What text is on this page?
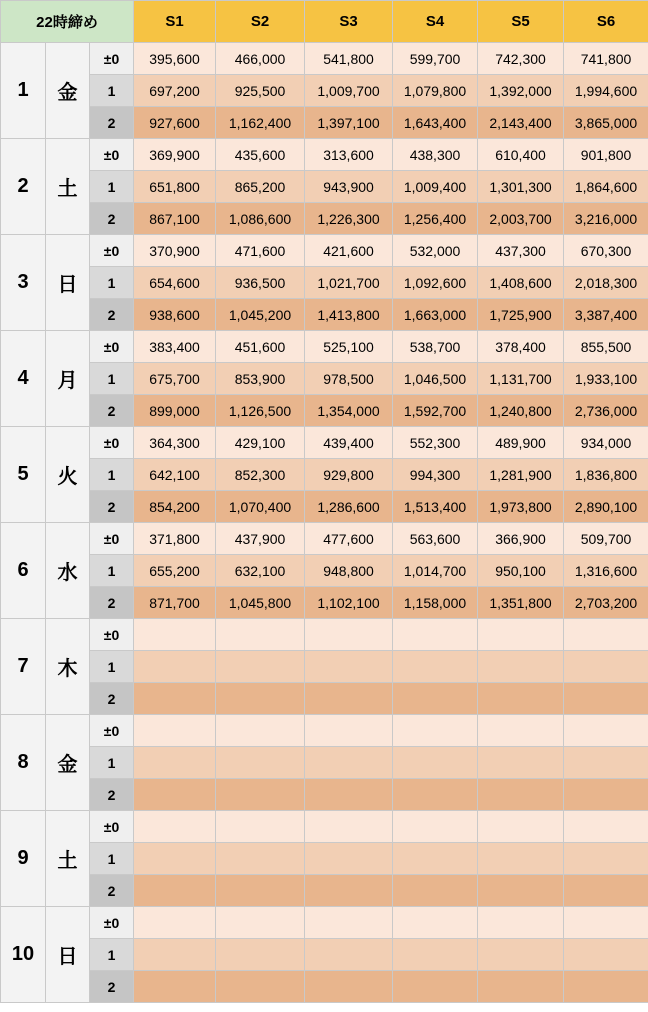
22時締め			S1	S2	S3	S4	S5	S6
1	金	±0	395,600	466,000	541,800	599,700	742,300	741,800
		1	697,200	925,500	1,009,700	1,079,800	1,392,000	1,994,600
		2	927,600	1,162,400	1,397,100	1,643,400	2,143,400	3,865,000
2	土	±0	369,900	435,600	313,600	438,300	610,400	901,800
		1	651,800	865,200	943,900	1,009,400	1,301,300	1,864,600
		2	867,100	1,086,600	1,226,300	1,256,400	2,003,700	3,216,000
3	日	±0	370,900	471,600	421,600	532,000	437,300	670,300
		1	654,600	936,500	1,021,700	1,092,600	1,408,600	2,018,300
		2	938,600	1,045,200	1,413,800	1,663,000	1,725,900	3,387,400
4	月	±0	383,400	451,600	525,100	538,700	378,400	855,500
		1	675,700	853,900	978,500	1,046,500	1,131,700	1,933,100
		2	899,000	1,126,500	1,354,000	1,592,700	1,240,800	2,736,000
5	火	±0	364,300	429,100	439,400	552,300	489,900	934,000
		1	642,100	852,300	929,800	994,300	1,281,900	1,836,800
		2	854,200	1,070,400	1,286,600	1,513,400	1,973,800	2,890,100
6	水	±0	371,800	437,900	477,600	563,600	366,900	509,700
		1	655,200	632,100	948,800	1,014,700	950,100	1,316,600
		2	871,700	1,045,800	1,102,100	1,158,000	1,351,800	2,703,200
7	木	±0						
		1						
		2						
8	金	±0						
		1						
		2						
9	土	±0						
		1						
		2						
10	日	±0						
		1						
		2						
